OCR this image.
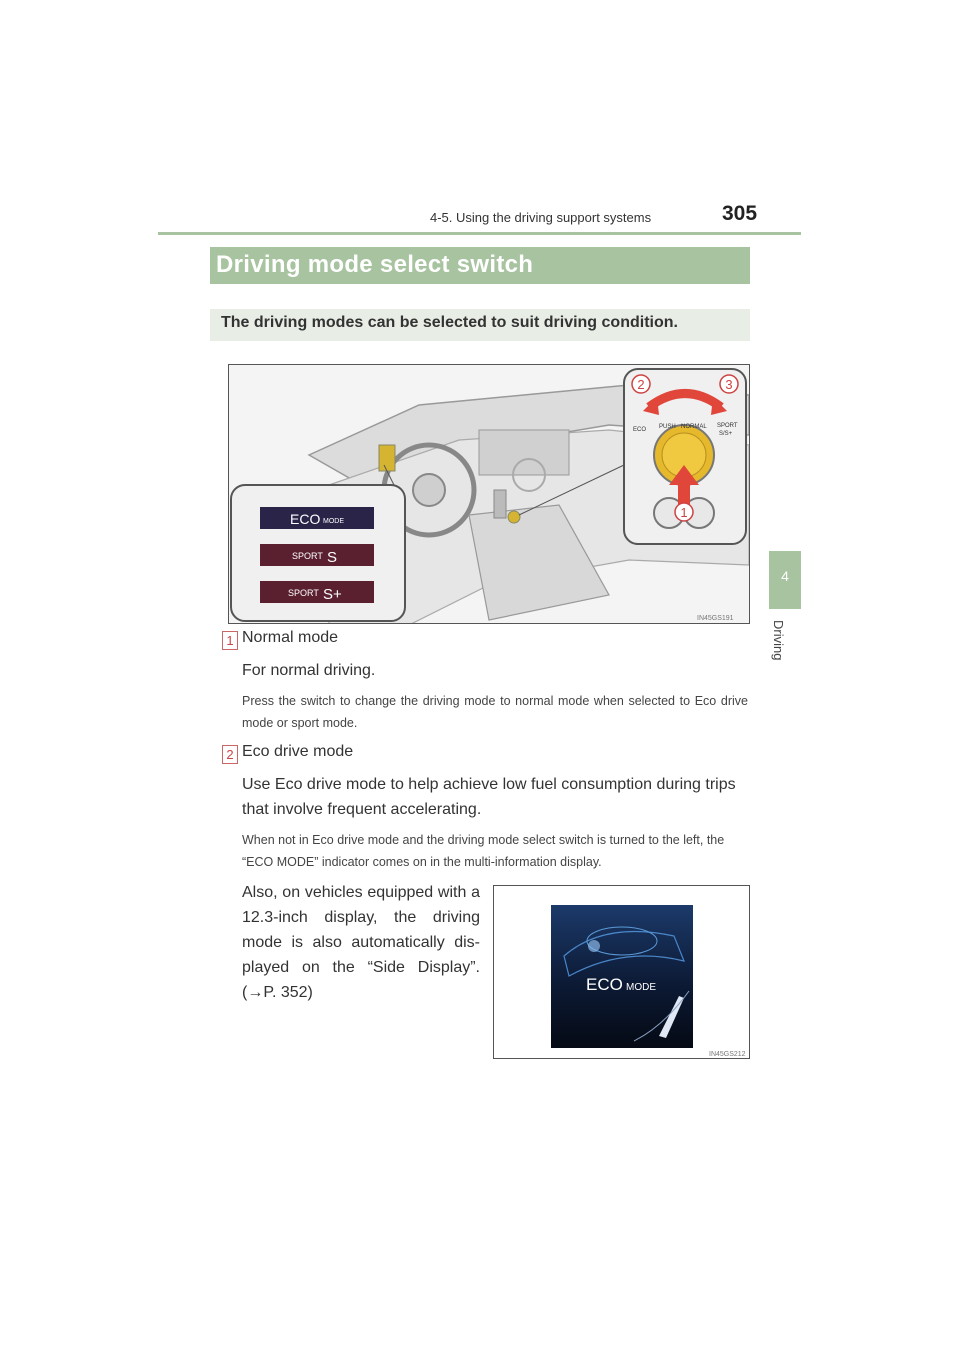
4-5. Using the driving support systems	305
4
Driving
Driving mode select switch

The driving modes can be selected to suit driving condition.

PUSH NORMAL
ECO
SPORT
S/S+
2	3
1
ECO MODE
SPORT S
SPORT S+
IN45GS191
1 Normal mode
For normal driving.
Press the switch to change the driving mode to normal mode when selected to Eco drive mode or sport mode.
2 Eco drive mode
Use Eco drive mode to help achieve low fuel consumption during trips that involve frequent accelerating.
When not in Eco drive mode and the driving mode select switch is turned to the left, the “ECO MODE” indicator comes on in the multi-information display.
Also, on vehicles equipped with a 12.3-inch display, the driving mode is also automatically dis-played on the “Side Display”. (→P. 352)	ECO MODE
IN45GS212
